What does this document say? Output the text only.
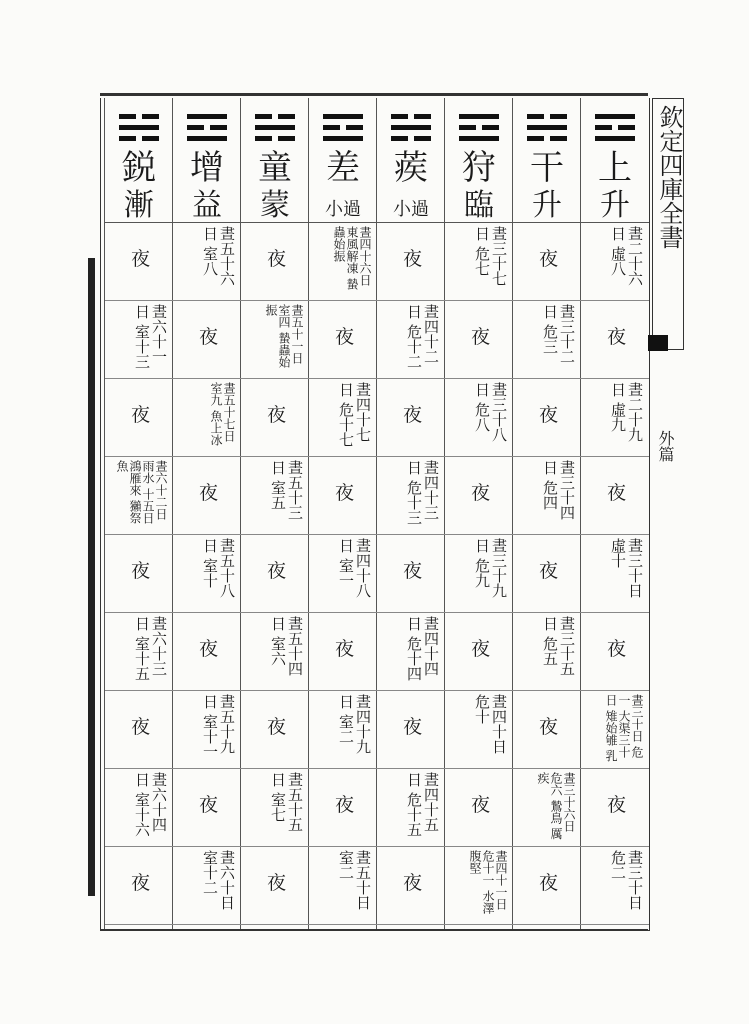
欽定四庫全書
外篇
上
升
晝二十六日 虛八
夜
晝二十九日 虛九
夜
晝三十日 虛十
夜
晝三十日 危一 大渠三十日 雉始雊 乳
夜
晝三十日 危二
干
升
夜
晝三十二日 危三
夜
晝三十四日 危四
夜
晝三十五日 危五
夜
晝三十六日 危六 鷙鳥 厲疾
夜
狩
臨
晝三十七日 危七
夜
晝三十八日 危八
夜
晝三十九日 危九
夜
晝四十日 危十
夜
晝四十一日 危十一 水澤腹堅
蒺
小過
夜
晝四十二日 危十二
夜
晝四十三日 危十三
夜
晝四十四日 危十四
夜
晝四十五日 危十五
夜
差
小過
晝四十六日 東風解凍 蟄蟲始振
夜
晝四十七日 危十七
夜
晝四十八日 室一
夜
晝四十九日 室二
夜
晝五十日 室二
童
蒙
夜
晝五十一日 室四 蟄蟲始振
夜
晝五十三日 室五
夜
晝五十四日 室六
夜
晝五十五日 室七
夜
增
益
晝五十六日 室八
夜
晝五十七日 室九 魚上冰
夜
晝五十八日 室十
夜
晝五十九日 室十一
夜
晝六十日 室十二
鋭
漸
夜
晝六十一日 室十三
夜
晝六十二日 雨水 十五日 鴻雁來 獺祭魚
夜
晝六十三日 室十五
夜
晝六十四日 室十六
夜
